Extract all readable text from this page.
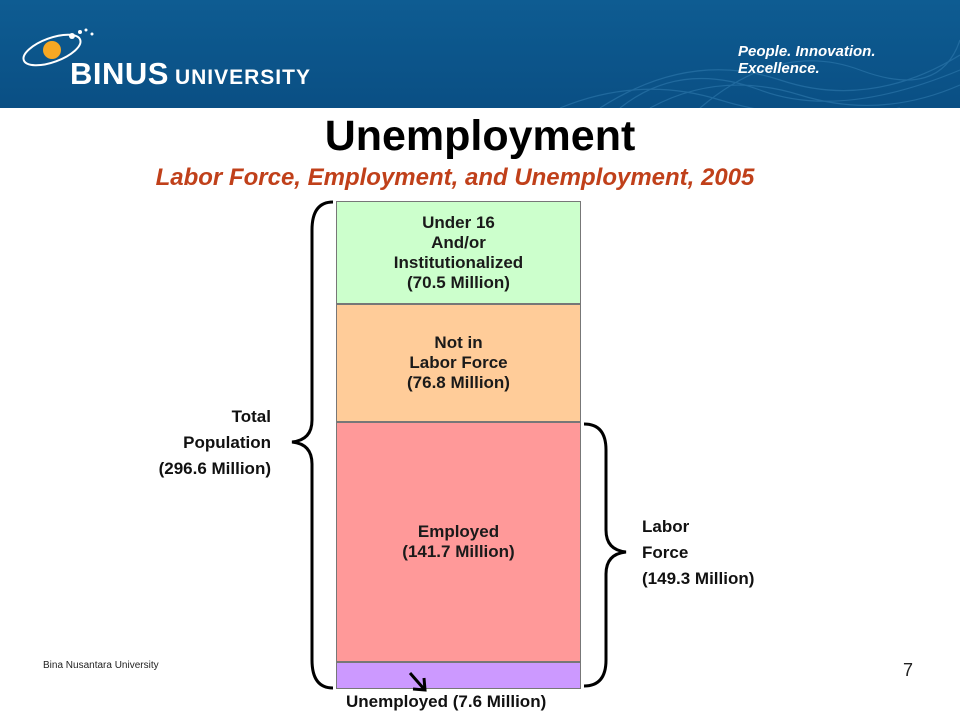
BINUS UNIVERSITY
People. Innovation. Excellence.
Unemployment
Labor Force, Employment, and Unemployment, 2005
Under 16
And/or
Institutionalized
(70.5 Million)
Not in
Labor Force
(76.8 Million)
Employed
(141.7 Million)
Total
Population
(296.6 Million)
Labor
Force
(149.3 Million)
Unemployed (7.6 Million)
Bina Nusantara University	7
